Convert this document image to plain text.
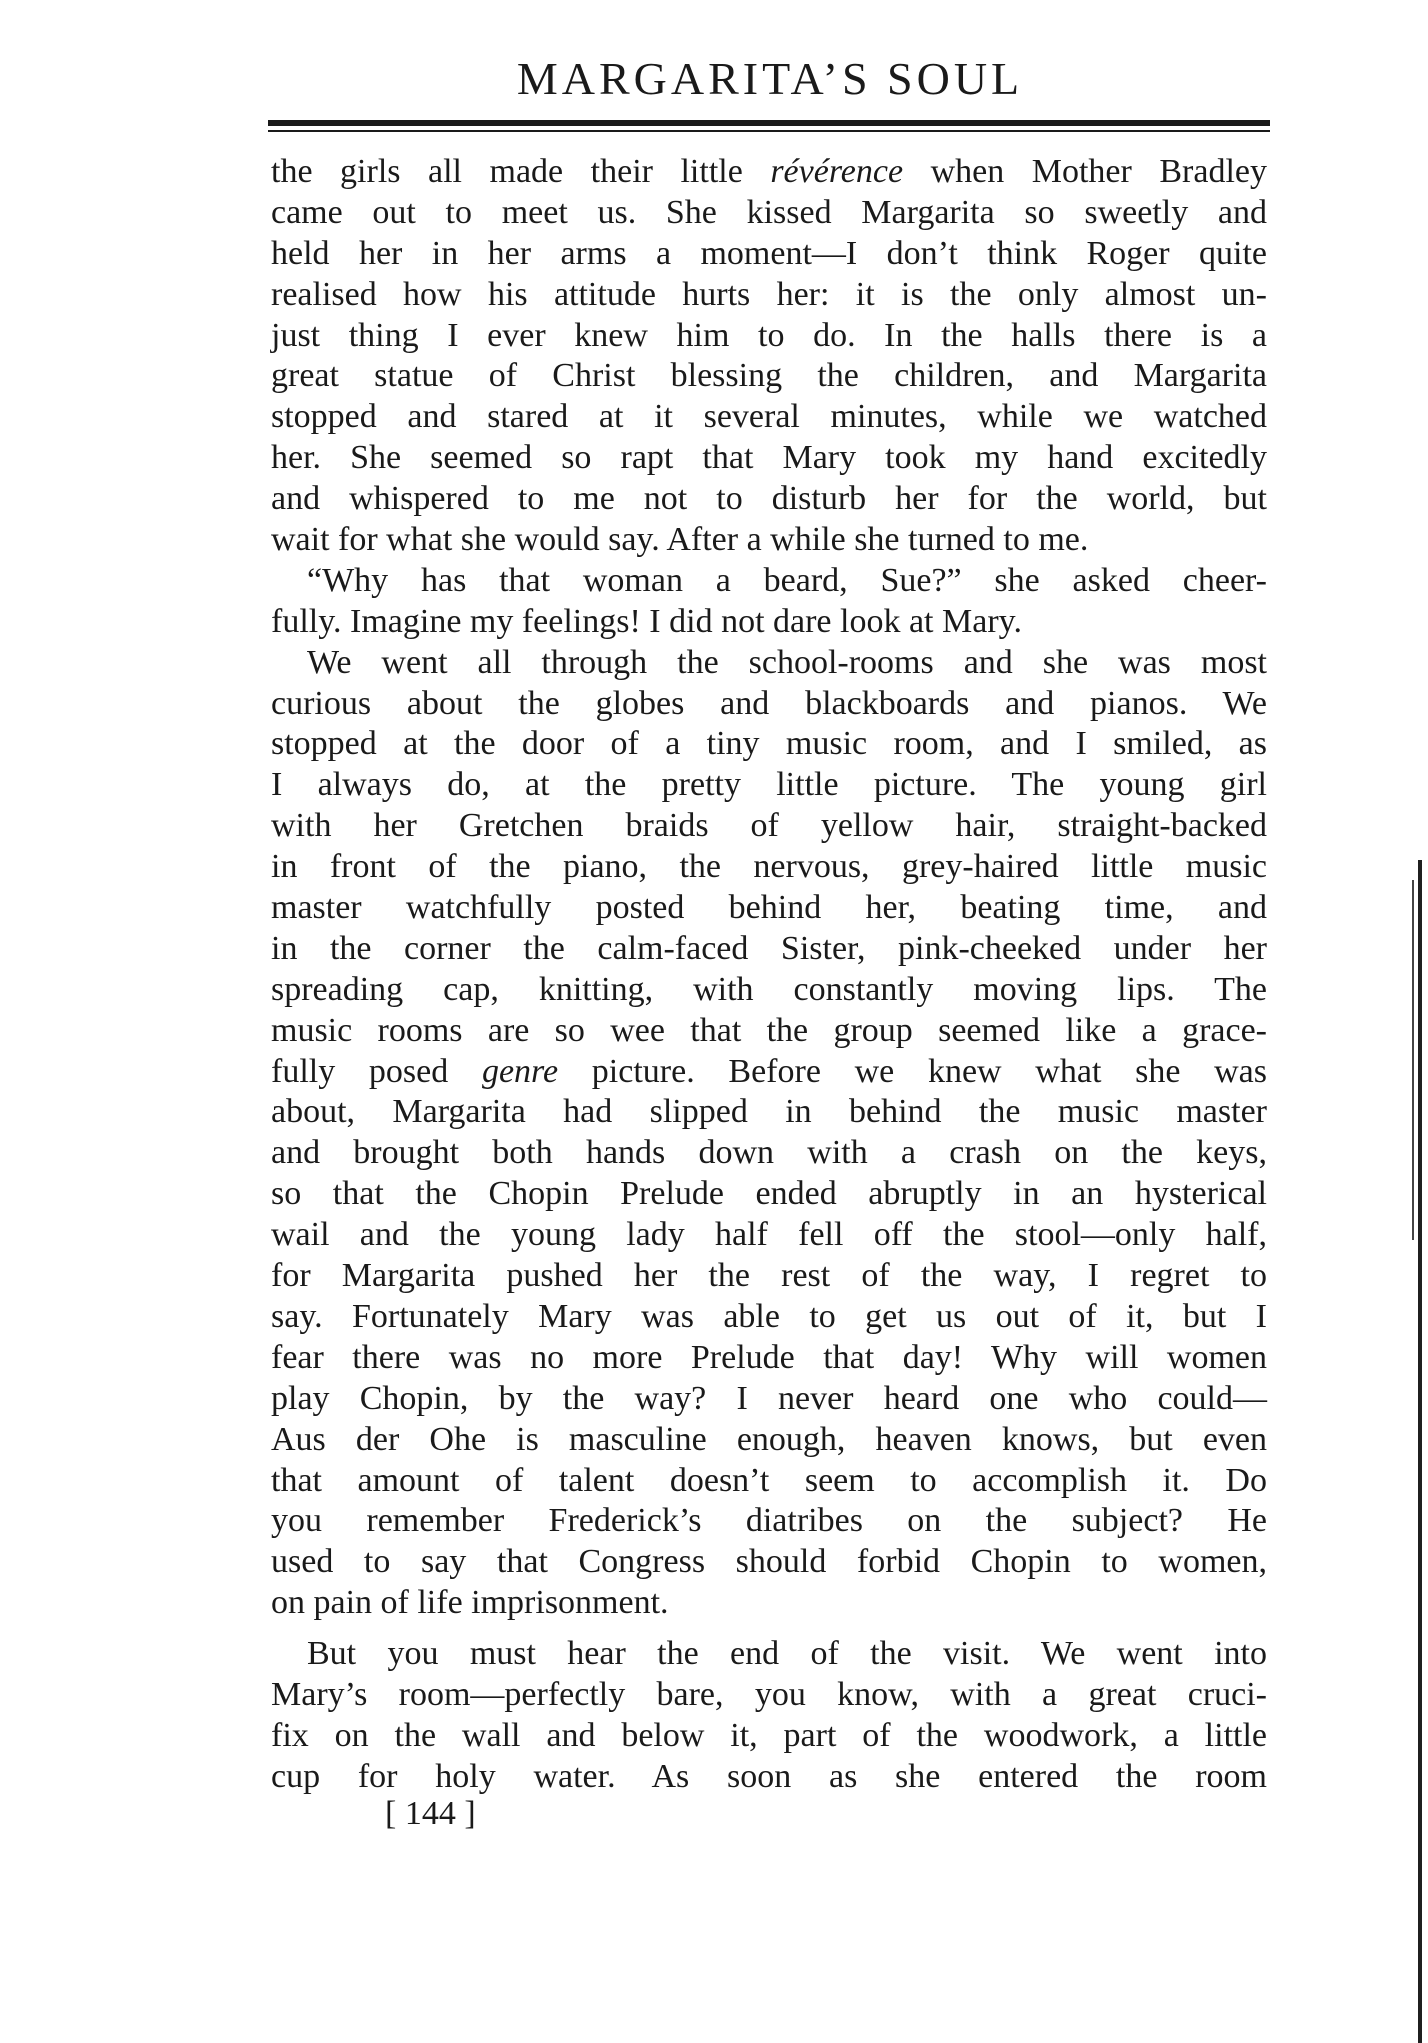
MARGARITA’S SOUL
the girls all made their little révérence when Mother Bradley
came out to meet us. She kissed Margarita so sweetly and
held her in her arms a moment—I don’t think Roger quite
realised how his attitude hurts her: it is the only almost un-
just thing I ever knew him to do. In the halls there is a
great statue of Christ blessing the children, and Margarita
stopped and stared at it several minutes, while we watched
her. She seemed so rapt that Mary took my hand excitedly
and whispered to me not to disturb her for the world, but
wait for what she would say. After a while she turned to me.
“Why has that woman a beard, Sue?” she asked cheer-
fully. Imagine my feelings! I did not dare look at Mary.
We went all through the school-rooms and she was most
curious about the globes and blackboards and pianos. We
stopped at the door of a tiny music room, and I smiled, as
I always do, at the pretty little picture. The young girl
with her Gretchen braids of yellow hair, straight-backed
in front of the piano, the nervous, grey-haired little music
master watchfully posted behind her, beating time, and
in the corner the calm-faced Sister, pink-cheeked under her
spreading cap, knitting, with constantly moving lips. The
music rooms are so wee that the group seemed like a grace-
fully posed genre picture. Before we knew what she was
about, Margarita had slipped in behind the music master
and brought both hands down with a crash on the keys,
so that the Chopin Prelude ended abruptly in an hysterical
wail and the young lady half fell off the stool—only half,
for Margarita pushed her the rest of the way, I regret to
say. Fortunately Mary was able to get us out of it, but I
fear there was no more Prelude that day! Why will women
play Chopin, by the way? I never heard one who could—
Aus der Ohe is masculine enough, heaven knows, but even
that amount of talent doesn’t seem to accomplish it. Do
you remember Frederick’s diatribes on the subject? He
used to say that Congress should forbid Chopin to women,
on pain of life imprisonment.
But you must hear the end of the visit. We went into
Mary’s room—perfectly bare, you know, with a great cruci-
fix on the wall and below it, part of the woodwork, a little
cup for holy water. As soon as she entered the room
[ 144 ]
